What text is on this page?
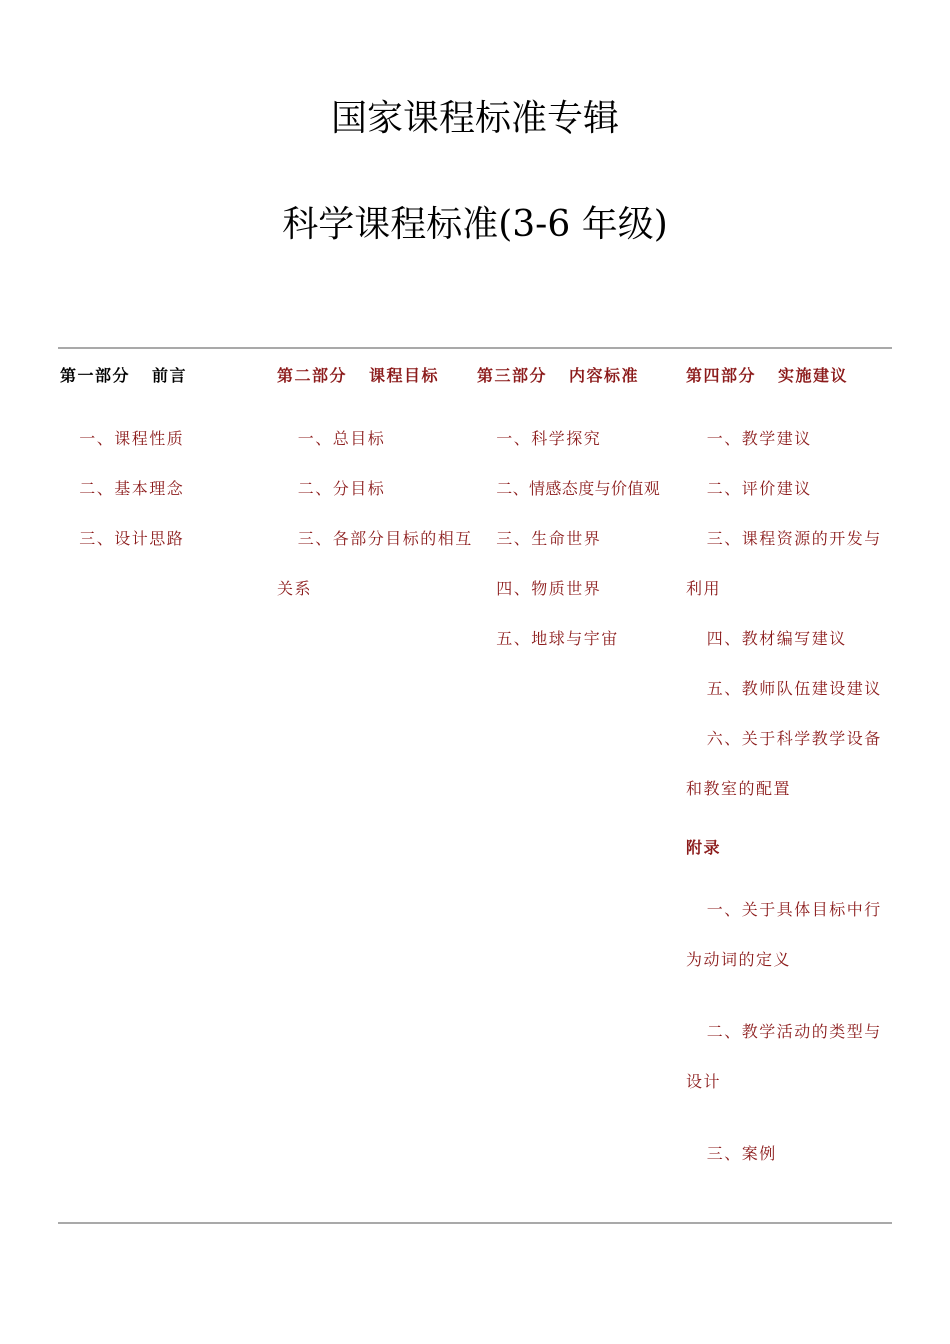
国家课程标准专辑
科学课程标准(3-6 年级)
第一部分 前言
一、课程性质
二、基本理念
三、设计思路
第二部分 课程目标
一、总目标
二、分目标
三、各部分目标的相互关系
第三部分 内容标准
一、科学探究
二、情感态度与价值观
三、生命世界
四、物质世界
五、地球与宇宙
第四部分 实施建议
一、教学建议
二、评价建议
三、课程资源的开发与利用
四、教材编写建议
五、教师队伍建设建议
六、关于科学教学设备和教室的配置
附录
一、关于具体目标中行为动词的定义
二、教学活动的类型与设计
三、案例
